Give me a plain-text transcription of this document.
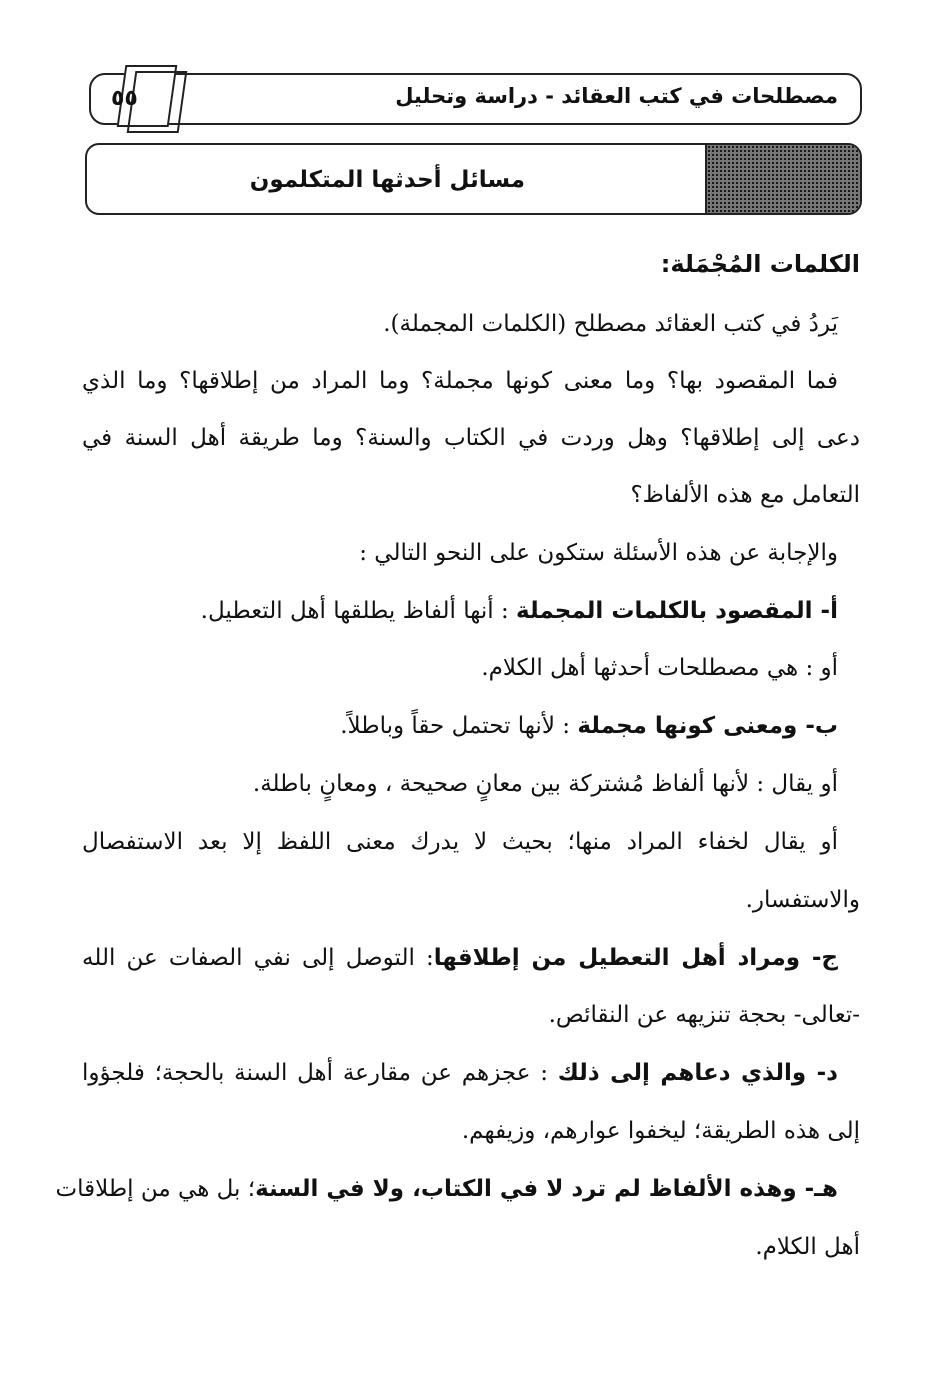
٥٥	مصطلحات في كتب العقائد - دراسة وتحليل
مسائل أحدثها المتكلمون
الكلمات المُجْمَلة:
يَردُ في كتب العقائد مصطلح (الكلمات المجملة).
فما المقصود بها؟ وما معنى كونها مجملة؟ وما المراد من إطلاقها؟ وما الذي
دعى إلى إطلاقها؟ وهل وردت في الكتاب والسنة؟ وما طريقة أهل السنة في
التعامل مع هذه الألفاظ؟
والإجابة عن هذه الأسئلة ستكون على النحو التالي :
أ- المقصود بالكلمات المجملة : أنها ألفاظ يطلقها أهل التعطيل.
أو : هي مصطلحات أحدثها أهل الكلام.
ب- ومعنى كونها مجملة : لأنها تحتمل حقاً وباطلاً.
أو يقال : لأنها ألفاظ مُشتركة بين معانٍ صحيحة ، ومعانٍ باطلة.
أو يقال لخفاء المراد منها؛ بحيث لا يدرك معنى اللفظ إلا بعد الاستفصال
والاستفسار.
ج- ومراد أهل التعطيل من إطلاقها: التوصل إلى نفي الصفات عن الله
-تعالى- بحجة تنزيهه عن النقائص.
د- والذي دعاهم إلى ذلك : عجزهم عن مقارعة أهل السنة بالحجة؛ فلجؤوا
إلى هذه الطريقة؛ ليخفوا عوارهم، وزيفهم.
هـ- وهذه الألفاظ لم ترد لا في الكتاب، ولا في السنة؛ بل هي من إطلاقات
أهل الكلام.
